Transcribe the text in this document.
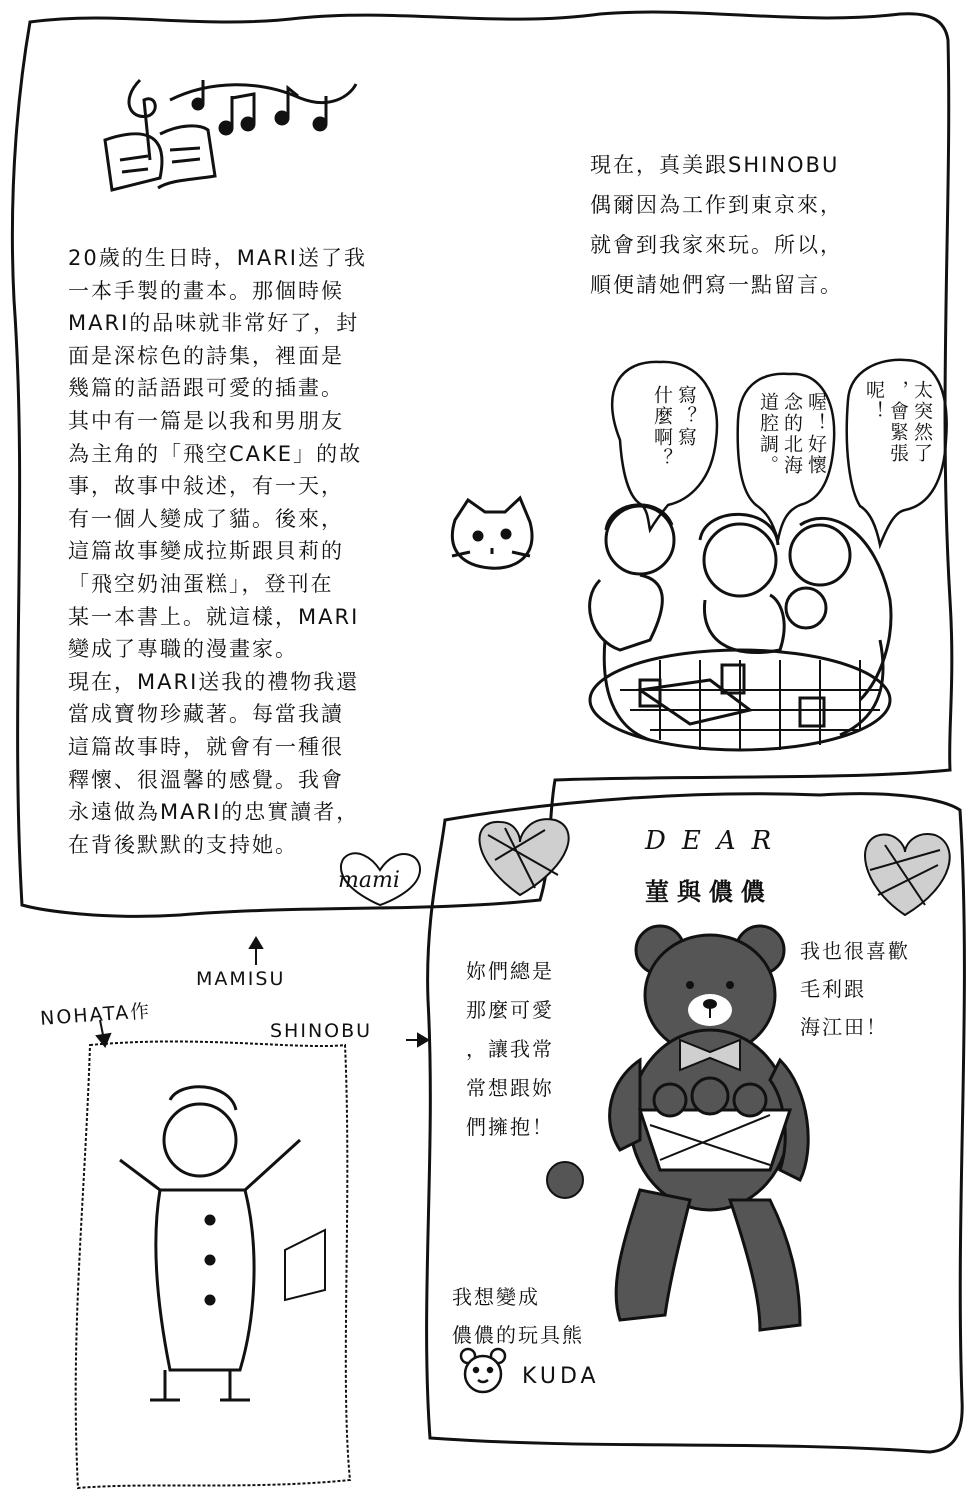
20歲的生日時，MARI送了我
一本手製的畫本。那個時候
MARI的品味就非常好了，封
面是深棕色的詩集，裡面是
幾篇的話語跟可愛的插畫。
其中有一篇是以我和男朋友
為主角的「飛空CAKE」的故
事，故事中敍述，有一天，
有一個人變成了貓。後來，
這篇故事變成拉斯跟貝莉的
「飛空奶油蛋糕」，登刊在
某一本書上。就這樣，MARI
變成了專職的漫畫家。
現在，MARI送我的禮物我還
當成寶物珍藏著。每當我讀
這篇故事時，就會有一種很
釋懷、很溫馨的感覺。我會
永遠做為MARI的忠實讀者，
在背後默默的支持她。
mami
現在，真美跟SHINOBU
偶爾因為工作到東京來，
就會到我家來玩。所以，
順便請她們寫一點留言。
寫？寫
什麼啊？	喔！好懷
念的北海
道腔調。	太突然了
，會緊張
呢！
MAMISU
NOHATA作
SHINOBU
DEAR
菫與儂儂
妳們總是
那麼可愛
，讓我常
常想跟妳
們擁抱！
我也很喜歡
毛利跟
海江田！
我想變成
儂儂的玩具熊
KUDA
